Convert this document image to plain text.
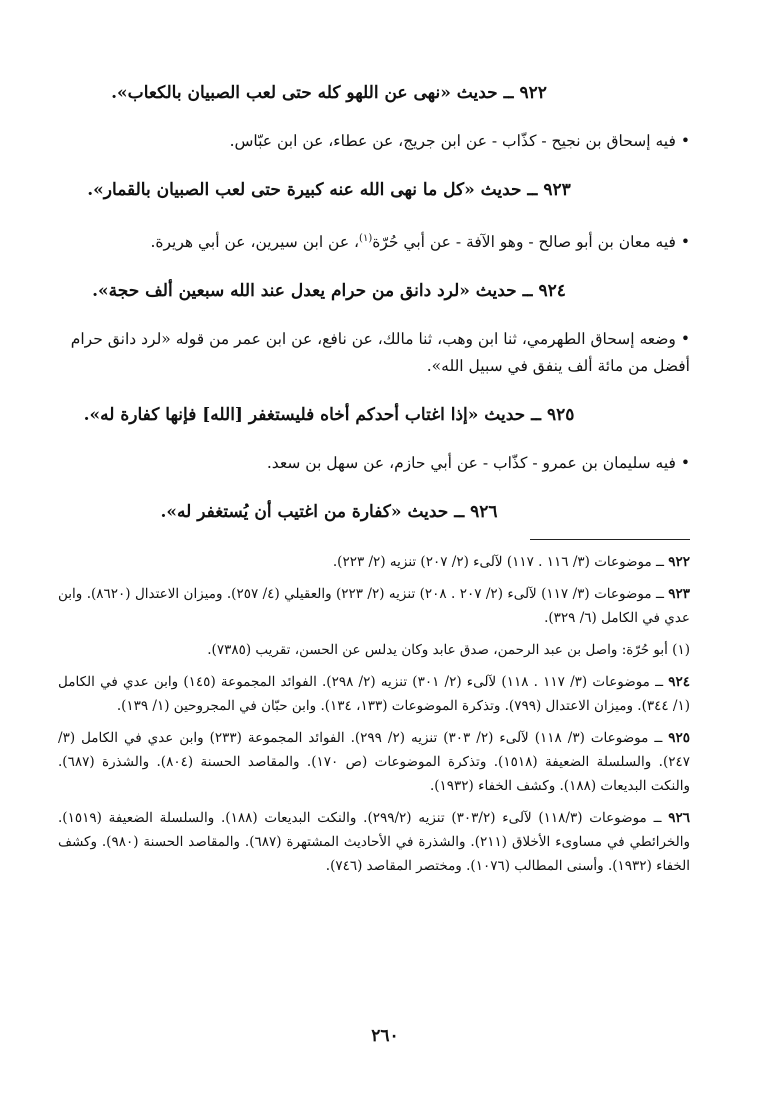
٩٢٢ ــ حديث «نهى عن اللهو كله حتى لعب الصبيان بالكعاب».

• فيه إسحاق بن نجيح - كذّاب - عن ابن جريج، عن عطاء، عن ابن عبّاس.

٩٢٣ ــ حديث «كل ما نهى الله عنه كبيرة حتى لعب الصبيان بالقمار».

• فيه معان بن أبو صالح - وهو الآفة - عن أبي حُرّة$^{(١)}$، عن ابن سيرين، عن أبي هريرة.

٩٢٤ ــ حديث «لرد دانق من حرام يعدل عند الله سبعين ألف حجة».

• وضعه إسحاق الطهرمي، ثنا ابن وهب، ثنا مالك، عن نافع، عن ابن عمر من قوله «لرد دانق حرام أفضل من مائة ألف ينفق في سبيل الله».

٩٢٥ ــ حديث «إذا اغتاب أحدكم أخاه فليستغفر [الله] فإنها كفارة له».

• فيه سليمان بن عمرو - كذّاب - عن أبي حازم، عن سهل بن سعد.

٩٢٦ ــ حديث «كفارة من اغتيب أن يُستغفر له».

٩٢٢ ــ موضوعات (٣/ ١١٦ . ١١٧) لآلىء (٢/ ٢٠٧) تنزيه (٢/ ٢٢٣).

٩٢٣ ــ موضوعات (٣/ ١١٧) لآلىء (٢/ ٢٠٧ . ٢٠٨) تنزيه (٢/ ٢٢٣) والعقيلي (٤/ ٢٥٧). وميزان الاعتدال (٨٦٢٠). وابن عدي في الكامل (٦/ ٣٢٩).

(١) أبو حُرّة: واصل بن عبد الرحمن، صدق عابد وكان يدلس عن الحسن، تقريب (٧٣٨٥).

٩٢٤ ــ موضوعات (٣/ ١١٧ . ١١٨) لآلىء (٢/ ٣٠١) تنزيه (٢/ ٢٩٨). الفوائد المجموعة (١٤٥) وابن عدي في الكامل (١/ ٣٤٤). وميزان الاعتدال (٧٩٩). وتذكرة الموضوعات (١٣٣، ١٣٤). وابن حبّان في المجروحين (١/ ١٣٩).

٩٢٥ ــ موضوعات (٣/ ١١٨) لآلىء (٢/ ٣٠٣) تنزيه (٢/ ٢٩٩). الفوائد المجموعة (٢٣٣) وابن عدي في الكامل (٣/ ٢٤٧). والسلسلة الضعيفة (١٥١٨). وتذكرة الموضوعات (ص ١٧٠). والمقاصد الحسنة (٨٠٤). والشذرة (٦٨٧). والنكت البديعات (١٨٨). وكشف الخفاء (١٩٣٢).

٩٢٦ ــ موضوعات (١١٨/٣) لآلىء (٣٠٣/٢) تنزيه (٢٩٩/٢). والنكت البديعات (١٨٨). والسلسلة الضعيفة (١٥١٩). والخرائطي في مساوىء الأخلاق (٢١١). والشذرة في الأحاديث المشتهرة (٦٨٧). والمقاصد الحسنة (٩٨٠). وكشف الخفاء (١٩٣٢). وأسنى المطالب (١٠٧٦). ومختصر المقاصد (٧٤٦).

٢٦٠
